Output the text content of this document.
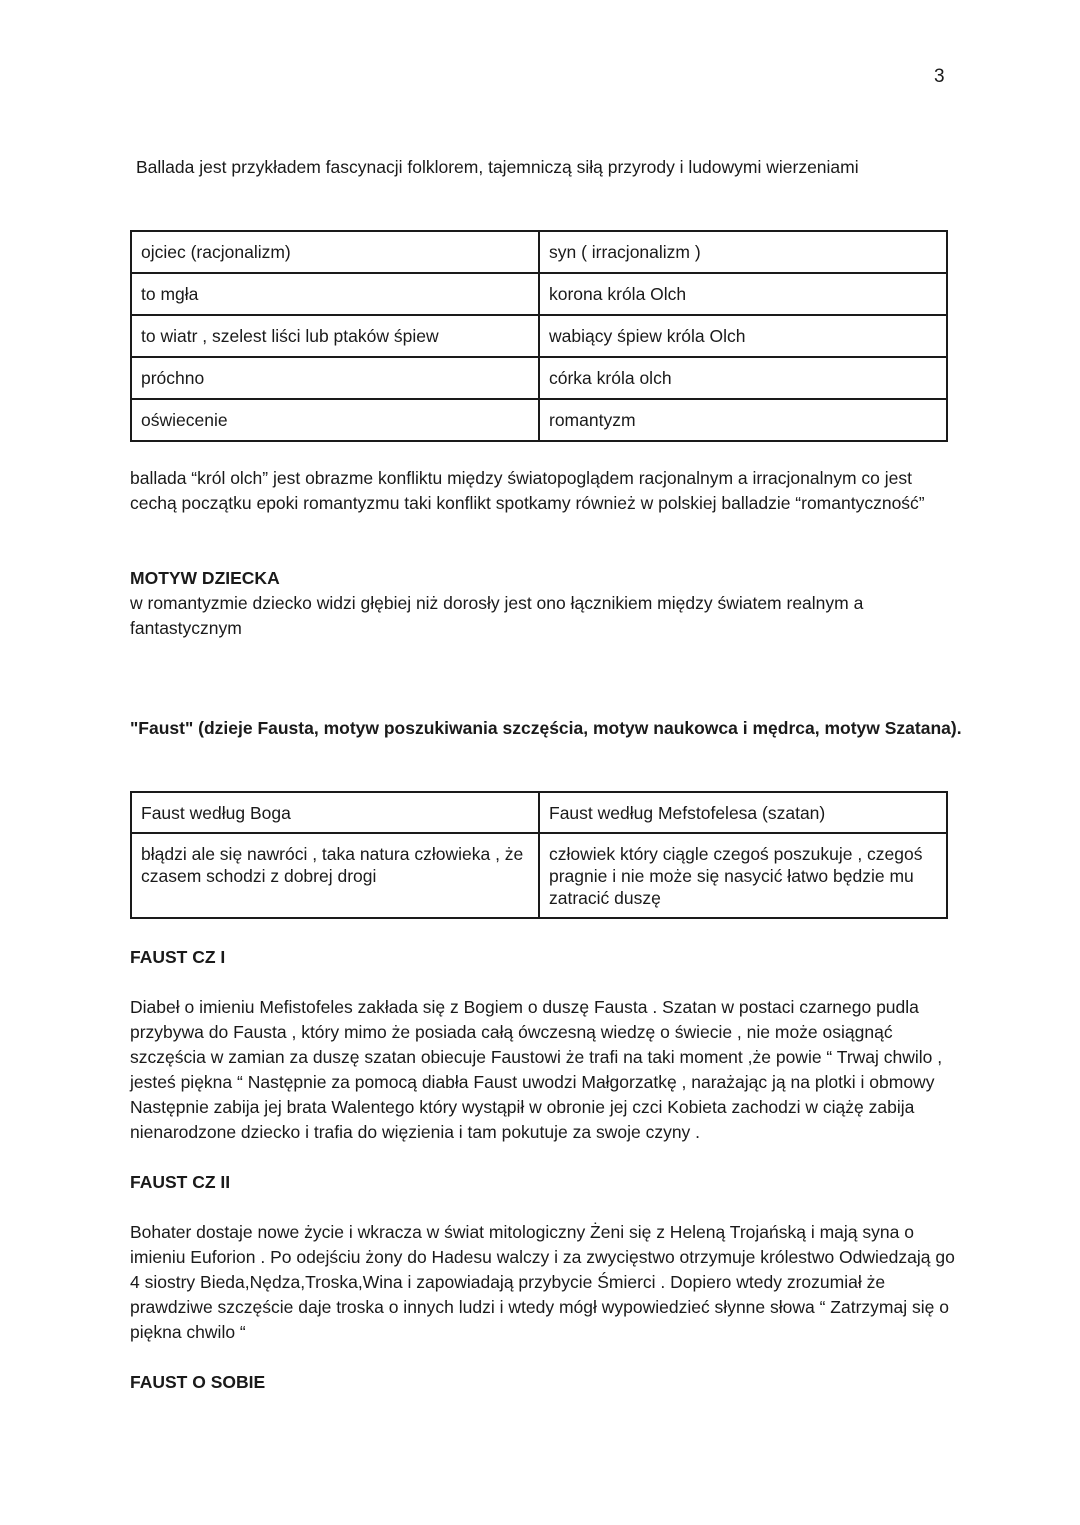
3
Ballada jest przykładem fascynacji folklorem, tajemniczą siłą przyrody i ludowymi wierzeniami
ojciec (racjonalizm)	syn ( irracjonalizm )
to mgła	korona króla Olch
to wiatr , szelest liści lub ptaków śpiew	wabiący śpiew króla Olch
próchno	córka króla olch
oświecenie	romantyzm
ballada “król olch” jest obrazme konfliktu między światopoglądem racjonalnym a irracjonalnym co jest cechą początku epoki romantyzmu taki konflikt spotkamy również w polskiej balladzie “romantyczność”
MOTYW DZIECKA
w romantyzmie dziecko widzi głębiej niż dorosły jest ono łącznikiem między światem realnym a fantastycznym
"Faust" (dzieje Fausta, motyw poszukiwania szczęścia, motyw naukowca i mędrca, motyw Szatana).
Faust według Boga	Faust według Mefstofelesa (szatan)
błądzi ale się nawróci , taka natura człowieka , że czasem schodzi z dobrej drogi	człowiek który ciągle czegoś poszukuje , czegoś pragnie i nie może się nasycić łatwo będzie mu zatracić duszę
FAUST CZ I
Diabeł o imieniu Mefistofeles zakłada się z Bogiem o duszę Fausta . Szatan w postaci czarnego pudla przybywa do Fausta , który mimo że posiada całą ówczesną wiedzę o świecie , nie może osiągnąć szczęścia w zamian za duszę szatan obiecuje Faustowi że trafi na taki moment ,że powie “ Trwaj chwilo , jesteś piękna “ Następnie za pomocą diabła Faust uwodzi Małgorzatkę , narażając ją na plotki i obmowy Następnie zabija jej brata Walentego który wystąpił w obronie jej czci Kobieta zachodzi w ciążę zabija nienarodzone dziecko i trafia do więzienia i tam pokutuje za swoje czyny .
FAUST CZ II
Bohater dostaje nowe życie i wkracza w świat mitologiczny Żeni się z Heleną Trojańską i mają syna o imieniu Euforion . Po odejściu żony do Hadesu walczy i za zwycięstwo otrzymuje królestwo Odwiedzają go 4 siostry Bieda,Nędza,Troska,Wina i zapowiadają przybycie Śmierci . Dopiero wtedy zrozumiał że prawdziwe szczęście daje troska o innych ludzi i wtedy mógł wypowiedzieć słynne słowa “ Zatrzymaj się o piękna chwilo “
FAUST O SOBIE
